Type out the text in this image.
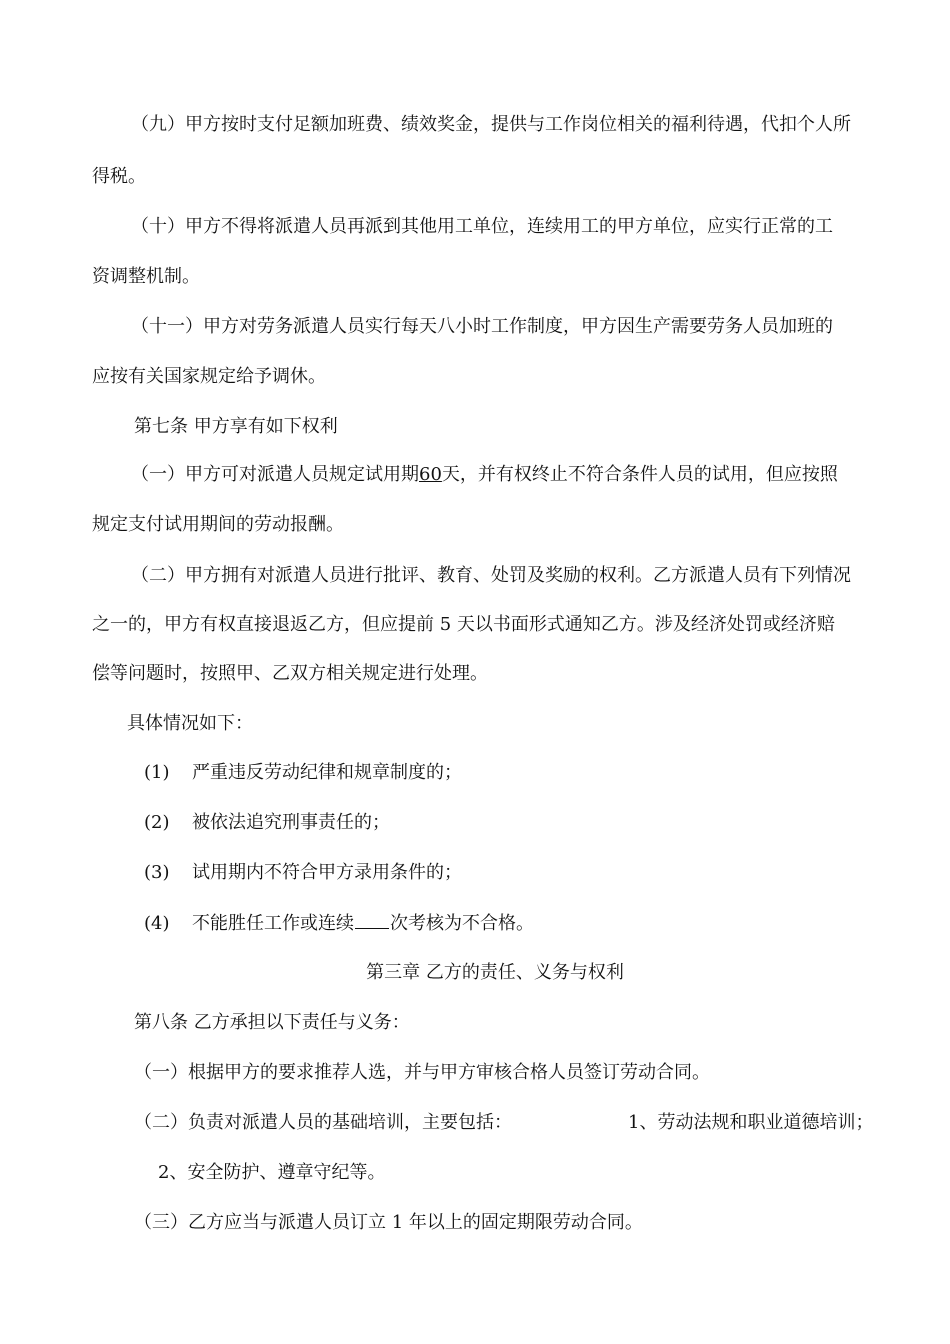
（九）甲方按时支付足额加班费、绩效奖金，提供与工作岗位相关的福利待遇，代扣个人所
得税。
（十）甲方不得将派遣人员再派到其他用工单位，连续用工的甲方单位，应实行正常的工
资调整机制。
（十一）甲方对劳务派遣人员实行每天八小时工作制度，甲方因生产需要劳务人员加班的
应按有关国家规定给予调休。
第七条 甲方享有如下权利
（一）甲方可对派遣人员规定试用期60天，并有权终止不符合条件人员的试用，但应按照
规定支付试用期间的劳动报酬。
（二）甲方拥有对派遣人员进行批评、教育、处罚及奖励的权利。乙方派遣人员有下列情况
之一的，甲方有权直接退返乙方，但应提前 5 天以书面形式通知乙方。涉及经济处罚或经济赔
偿等问题时，按照甲、乙双方相关规定进行处理。
具体情况如下：
(1) 严重违反劳动纪律和规章制度的；
(2) 被依法追究刑事责任的；
(3) 试用期内不符合甲方录用条件的；
(4) 不能胜任工作或连续 次考核为不合格。
第三章 乙方的责任、义务与权利
第八条 乙方承担以下责任与义务：
（一）根据甲方的要求推荐人选，并与甲方审核合格人员签订劳动合同。
（二）负责对派遣人员的基础培训，主要包括：	1、劳动法规和职业道德培训；
2、安全防护、遵章守纪等。
（三）乙方应当与派遣人员订立 1 年以上的固定期限劳动合同。
